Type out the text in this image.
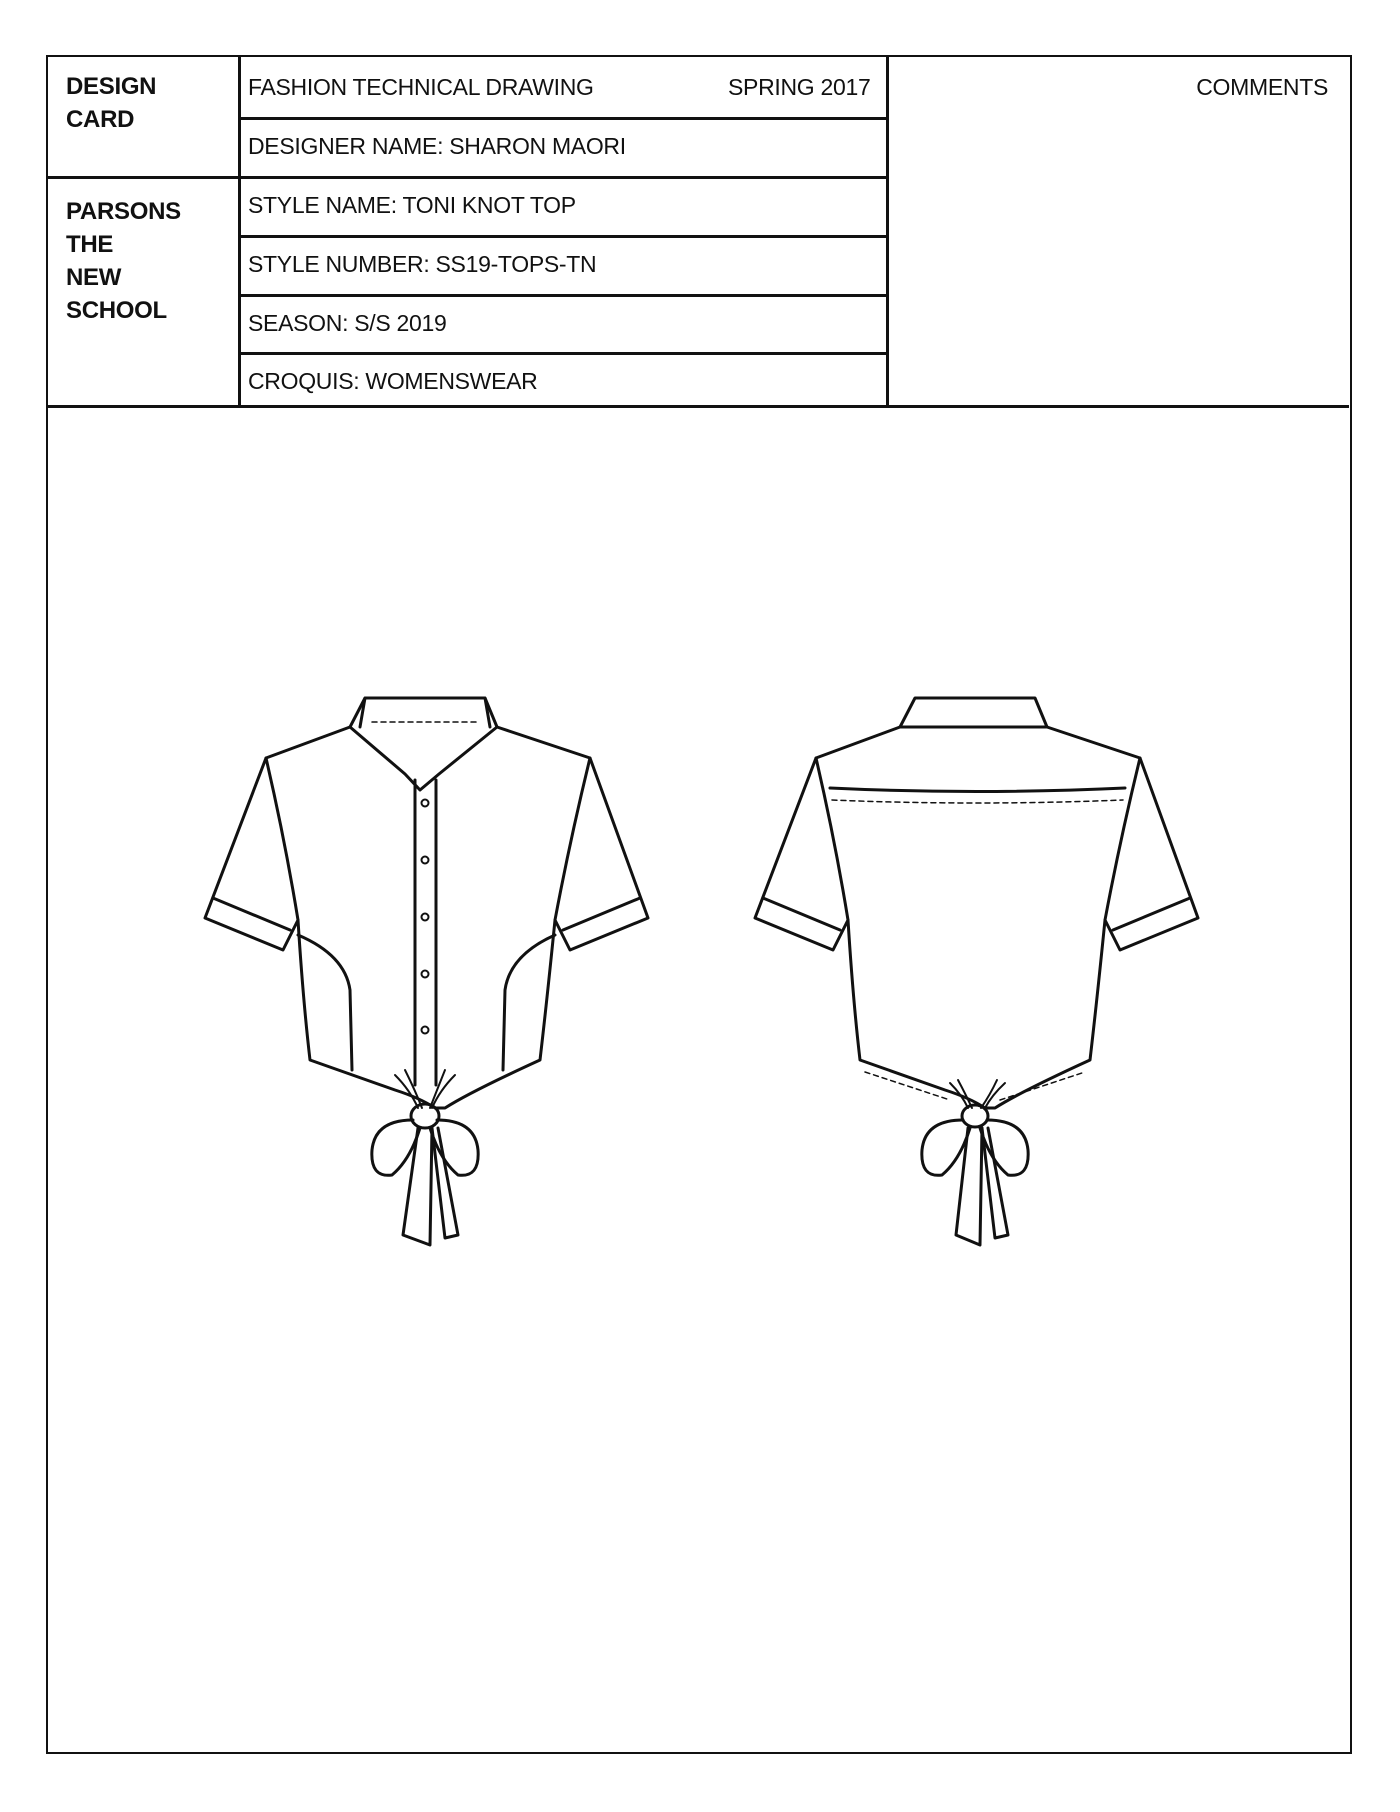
DESIGN
CARD
PARSONS
THE
NEW
SCHOOL
FASHION TECHNICAL DRAWING	SPRING 2017
DESIGNER NAME: SHARON MAORI
STYLE NAME: TONI KNOT TOP
STYLE NUMBER: SS19-TOPS-TN
SEASON: S/S 2019
CROQUIS: WOMENSWEAR
COMMENTS
